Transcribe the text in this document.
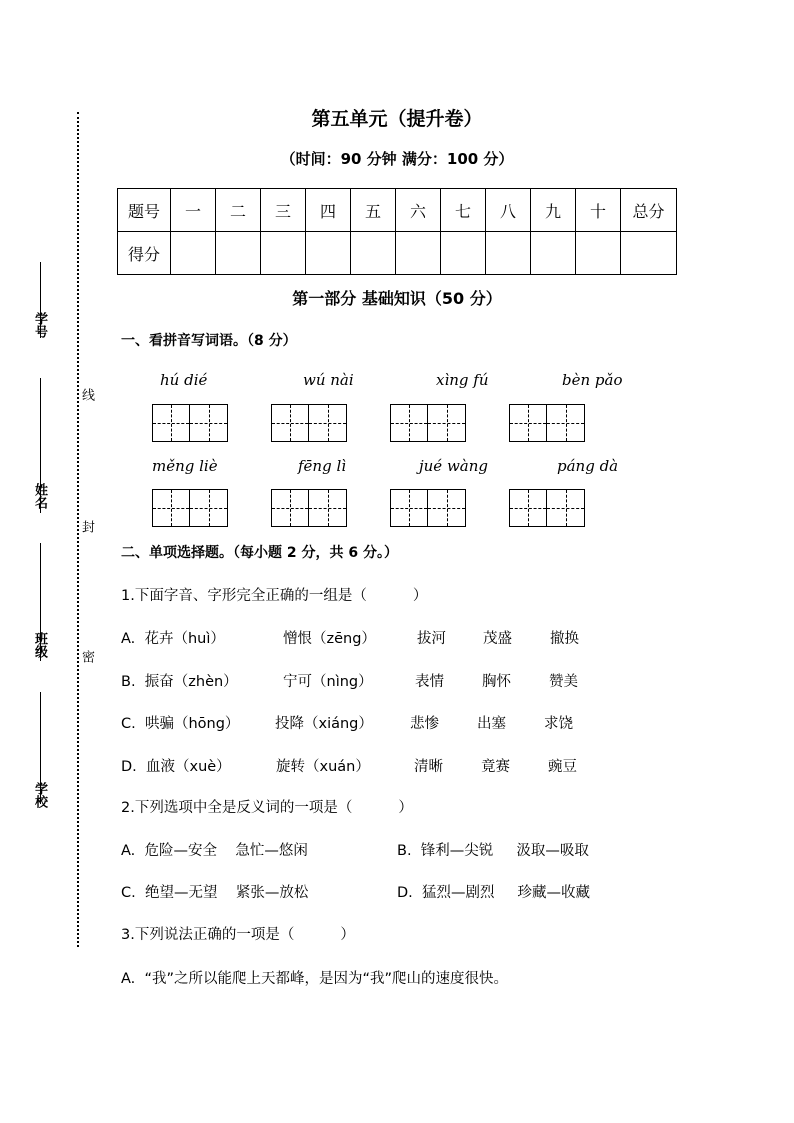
学号
线
姓名
封
班级 密
学校
第五单元（提升卷）
（时间：90 分钟 满分：100 分）
题号	一	二	三	四	五	六	七	八	九	十	总分
得分											
第一部分 基础知识（50 分）
一、看拼音写词语。（8 分）
hú dié	wú nài	xìng fú	bèn pǎo
měng liè	fēng lì	jué wàng	páng dà
二、单项选择题。（每小题 2 分，共 6 分。）
1.下面字音、字形完全正确的一组是（          ）
A.  花卉（huì）	憎恨（zēng）	拔河	茂盛	撤换
B.  振奋（zhèn）	宁可（nìng）	表情	胸怀	赞美
C.  哄骗（hōng） 投降（xiáng）	悲惨	出塞	求饶
D.  血液（xuè）	旋转（xuán）	清晰	竟赛	豌豆
2.下列选项中全是反义词的一项是（          ）
A.  危险—安全    急忙—悠闲	B.  锋利—尖锐     汲取—吸取
C.  绝望—无望    紧张—放松	D.  猛烈—剧烈     珍藏—收藏
3.下列说法正确的一项是（          ）
A.  “我”之所以能爬上天都峰，是因为“我”爬山的速度很快。
